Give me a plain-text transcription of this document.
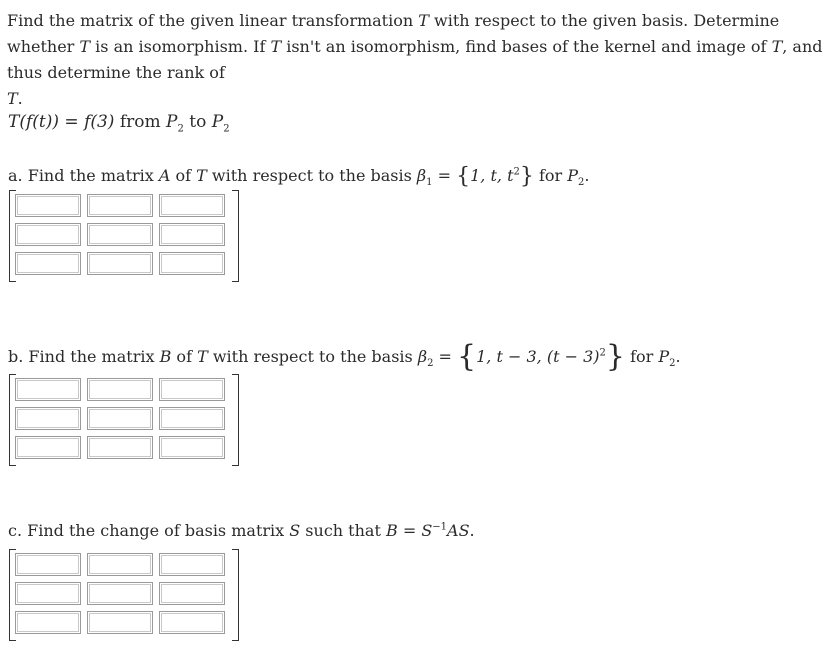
Find the matrix of the given linear transformation T with respect to the given basis. Determine whether T is an isomorphism. If T isn't an isomorphism, find bases of the kernel and image of T, and thus determine the rank of
T.

T(f(t)) = f(3) from $P_2$ to $P_2$
a. Find the matrix A of T with respect to the basis $\beta_1 = \{1$, t, $t^2$} for $P_2$.
b. Find the matrix B of T with respect to the basis $\beta_2 = \{1$, t − 3, $(t - 3)^2$} for $P_2$.
c. Find the change of basis matrix S such that $B = S^{-1}AS$.
